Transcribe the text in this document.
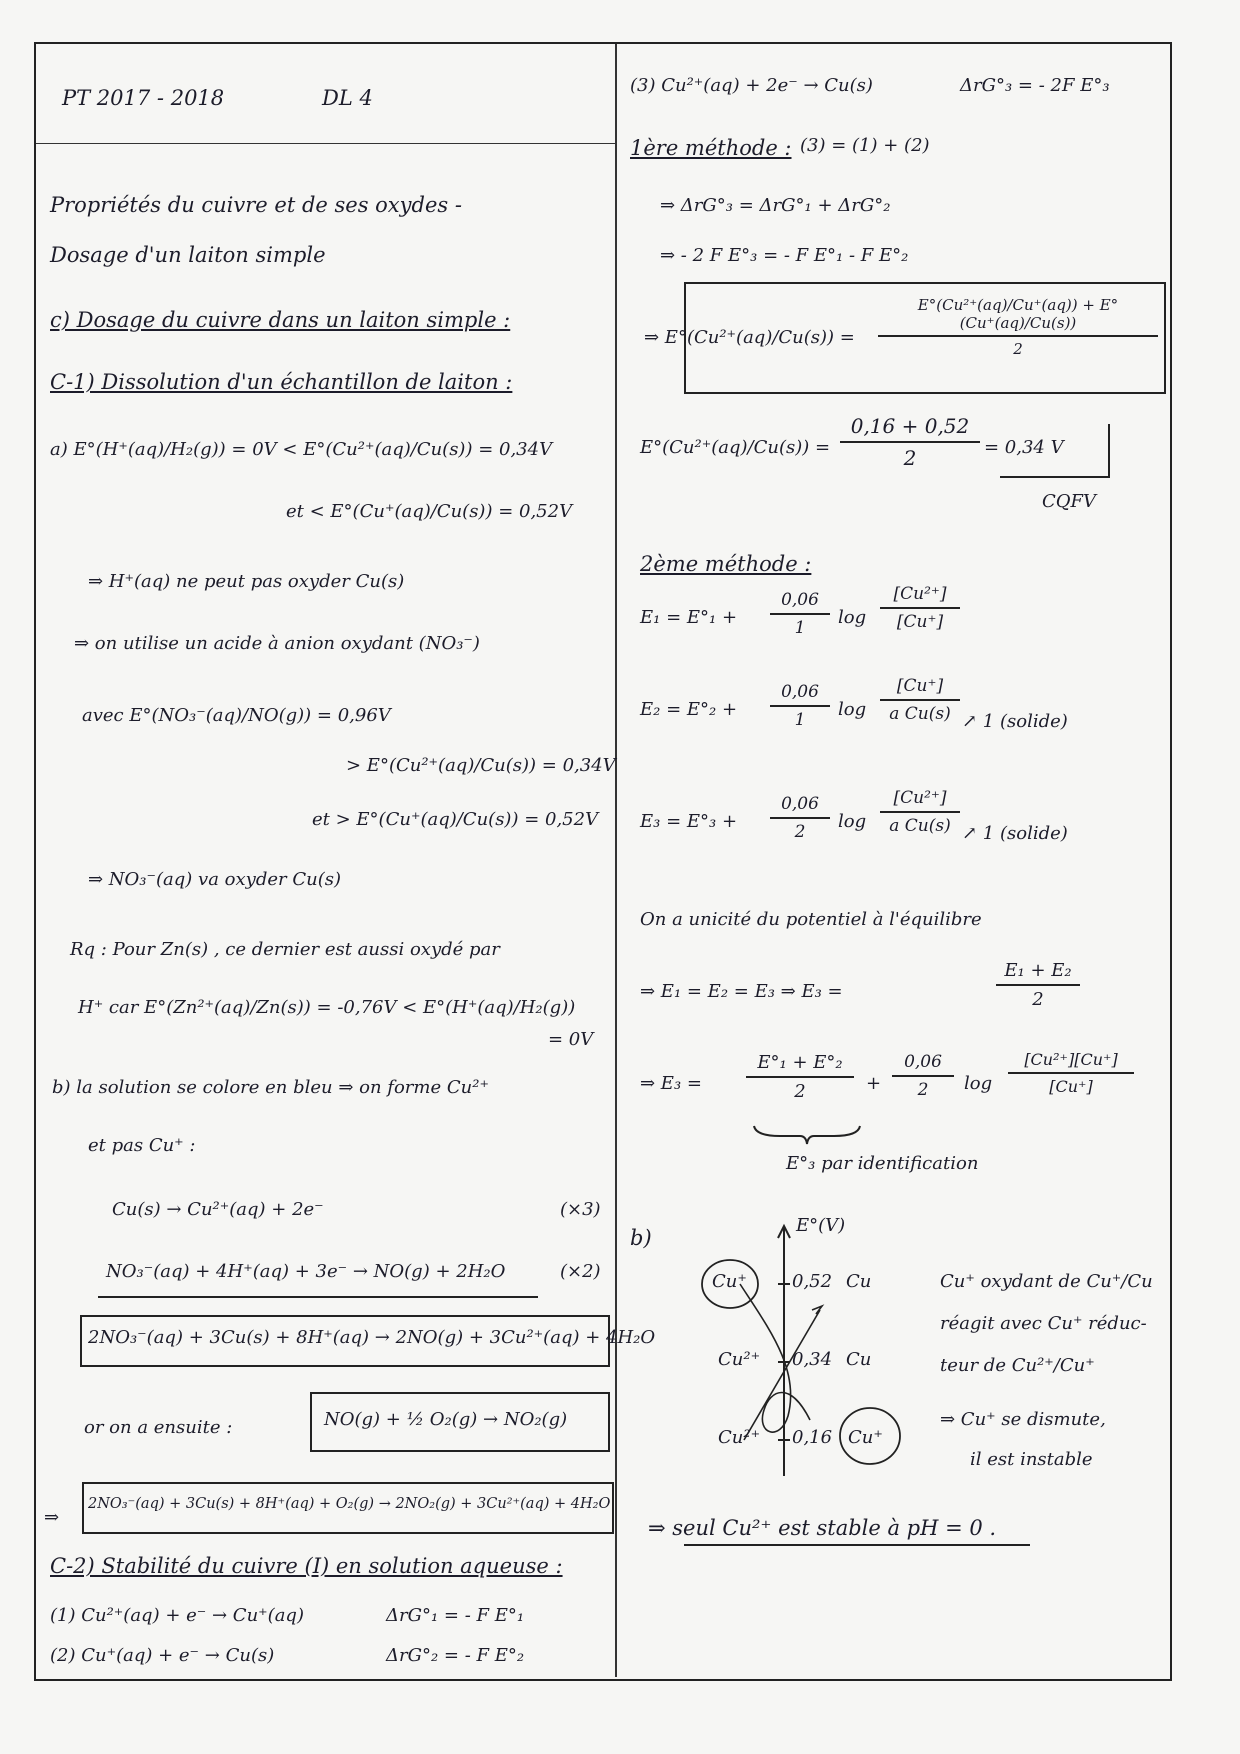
PT 2017 - 2018	DL 4
Propriétés du cuivre et de ses oxydes -
Dosage d'un laiton simple
c) Dosage du cuivre dans un laiton simple :
C-1) Dissolution d'un échantillon de laiton :
a) E°(H⁺(aq)/H₂(g)) = 0V < E°(Cu²⁺(aq)/Cu(s)) = 0,34V
et < E°(Cu⁺(aq)/Cu(s)) = 0,52V
⇒ H⁺(aq) ne peut pas oxyder Cu(s)
⇒ on utilise un acide à anion oxydant (NO₃⁻)
avec E°(NO₃⁻(aq)/NO(g)) = 0,96V
> E°(Cu²⁺(aq)/Cu(s)) = 0,34V
et > E°(Cu⁺(aq)/Cu(s)) = 0,52V
⇒ NO₃⁻(aq) va oxyder Cu(s)
Rq : Pour Zn(s) , ce dernier est aussi oxydé par
H⁺ car E°(Zn²⁺(aq)/Zn(s)) = -0,76V < E°(H⁺(aq)/H₂(g))
= 0V
b) la solution se colore en bleu ⇒ on forme Cu²⁺
et pas Cu⁺ :
Cu(s) → Cu²⁺(aq) + 2e⁻	(×3)
NO₃⁻(aq) + 4H⁺(aq) + 3e⁻ → NO(g) + 2H₂O	(×2)
2NO₃⁻(aq) + 3Cu(s) + 8H⁺(aq) → 2NO(g) + 3Cu²⁺(aq) + 4H₂O
or on a ensuite :	NO(g) + ½ O₂(g) → NO₂(g)
⇒
2NO₃⁻(aq) + 3Cu(s) + 8H⁺(aq) + O₂(g) → 2NO₂(g) + 3Cu²⁺(aq) + 4H₂O
C-2) Stabilité du cuivre (I) en solution aqueuse :
(1) Cu²⁺(aq) + e⁻ → Cu⁺(aq)	ΔrG°₁ = - F E°₁
(2) Cu⁺(aq) + e⁻ → Cu(s)	ΔrG°₂ = - F E°₂
(3) Cu²⁺(aq) + 2e⁻ → Cu(s)	ΔrG°₃ = - 2F E°₃
1ère méthode : (3) = (1) + (2)
⇒ ΔrG°₃ = ΔrG°₁ + ΔrG°₂
⇒ - 2 F E°₃ = - F E°₁ - F E°₂
⇒ E°(Cu²⁺(aq)/Cu(s)) =
E°(Cu²⁺(aq)/Cu⁺(aq)) + E°(Cu⁺(aq)/Cu(s))
2
E°(Cu²⁺(aq)/Cu(s)) =
0,16 + 0,52
2	= 0,34 V
CQFV
2ème méthode :
E₁ = E°₁ +
0,06
1	log
[Cu²⁺]
[Cu⁺]
E₂ = E°₂ +
0,06
1	log
[Cu⁺]
a Cu(s) ↗ 1 (solide)
E₃ = E°₃ +
0,06
2	log
[Cu²⁺]
a Cu(s) ↗ 1 (solide)
On a unicité du potentiel à l'équilibre
⇒ E₁ = E₂ = E₃ ⇒ E₃ =
E₁ + E₂
2
⇒ E₃ =
E°₁ + E°₂
2	+
0,06
2	log
[Cu²⁺][Cu⁺]
[Cu⁺]
E°₃ par identification
b)
E°(V)
Cu⁺	0,52 Cu
Cu²⁺ 0,34 Cu
Cu²⁺ 0,16 Cu⁺
Cu⁺ oxydant de Cu⁺/Cu
réagit avec Cu⁺ réduc-
teur de Cu²⁺/Cu⁺
⇒ Cu⁺ se dismute,
il est instable
⇒ seul Cu²⁺ est stable à pH = 0 .
